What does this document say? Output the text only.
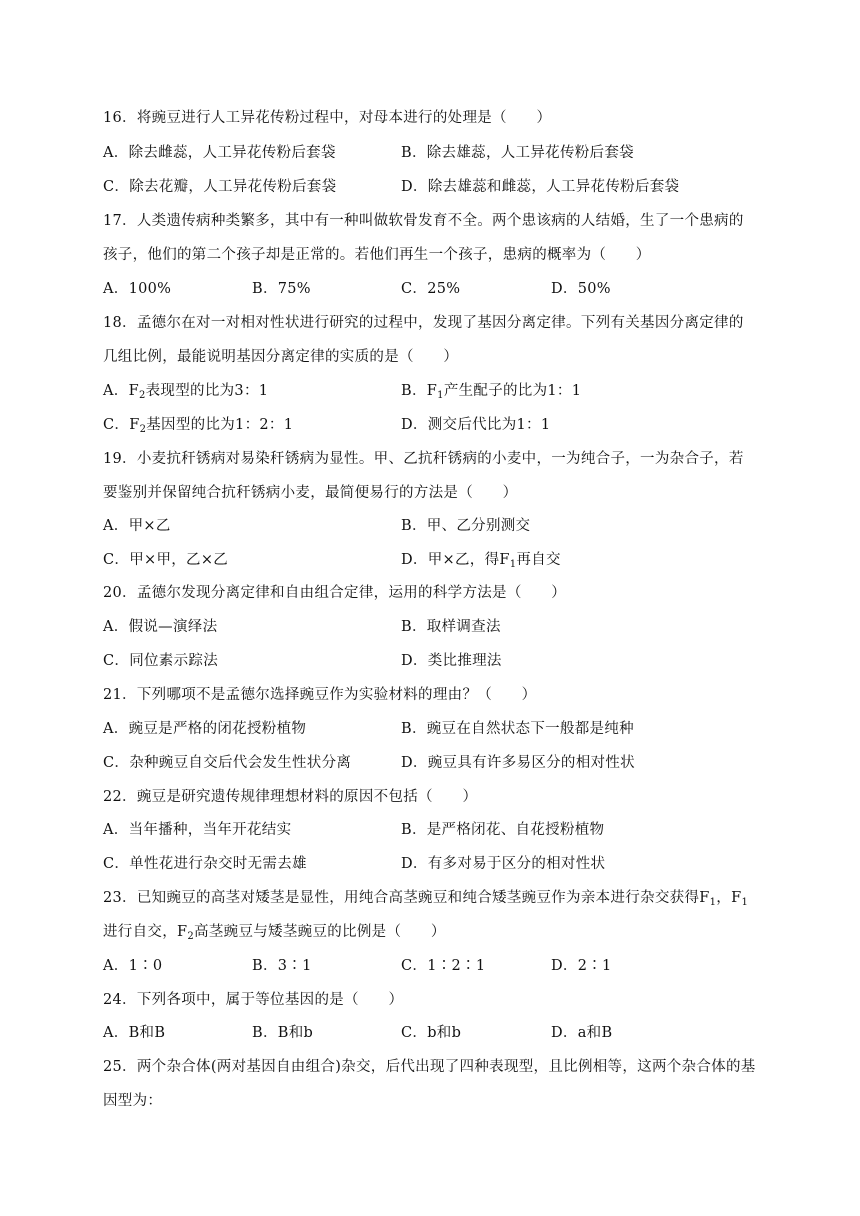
16．将豌豆进行人工异花传粉过程中，对母本进行的处理是（　　）
A．除去雌蕊，人工异花传粉后套袋	B．除去雄蕊，人工异花传粉后套袋
C．除去花瓣，人工异花传粉后套袋	D．除去雄蕊和雌蕊，人工异花传粉后套袋
17．人类遗传病种类繁多，其中有一种叫做软骨发育不全。两个患该病的人结婚，生了一个患病的
孩子，他们的第二个孩子却是正常的。若他们再生一个孩子，患病的概率为（　　）
A．100%	B．75%	C．25%	D．50%
18．孟德尔在对一对相对性状进行研究的过程中，发现了基因分离定律。下列有关基因分离定律的
几组比例，最能说明基因分离定律的实质的是（　　）
A．$F_2$表现型的比为3：1	B．$F_1$产生配子的比为1：1
C．$F_2$基因型的比为1：2：1	D．测交后代比为1：1
19．小麦抗秆锈病对易染秆锈病为显性。甲、乙抗秆锈病的小麦中，一为纯合子，一为杂合子，若
要鉴别并保留纯合抗秆锈病小麦，最简便易行的方法是（　　）
A．甲×乙	B．甲、乙分别测交
C．甲×甲，乙×乙	D．甲×乙，得$F_1$再自交
20．孟德尔发现分离定律和自由组合定律，运用的科学方法是（　　）
A．假说—演绎法	B．取样调查法
C．同位素示踪法	D．类比推理法
21．下列哪项不是孟德尔选择豌豆作为实验材料的理由？（　　）
A．豌豆是严格的闭花授粉植物	B．豌豆在自然状态下一般都是纯种
C．杂种豌豆自交后代会发生性状分离	D．豌豆具有许多易区分的相对性状
22．豌豆是研究遗传规律理想材料的原因不包括（　　）
A．当年播种，当年开花结实	B．是严格闭花、自花授粉植物
C．单性花进行杂交时无需去雄	D．有多对易于区分的相对性状
23．已知豌豆的高茎对矮茎是显性，用纯合高茎豌豆和纯合矮茎豌豆作为亲本进行杂交获得$F_1$，$F_1$
进行自交，$F_2$高茎豌豆与矮茎豌豆的比例是（　　）
A．1∶0	B．3∶1	C．1∶2∶1	D．2∶1
24．下列各项中，属于等位基因的是（　　）
A．B和B	B．B和b	C．b和b	D．a和B
25．两个杂合体(两对基因自由组合)杂交，后代出现了四种表现型，且比例相等，这两个杂合体的基
因型为：
